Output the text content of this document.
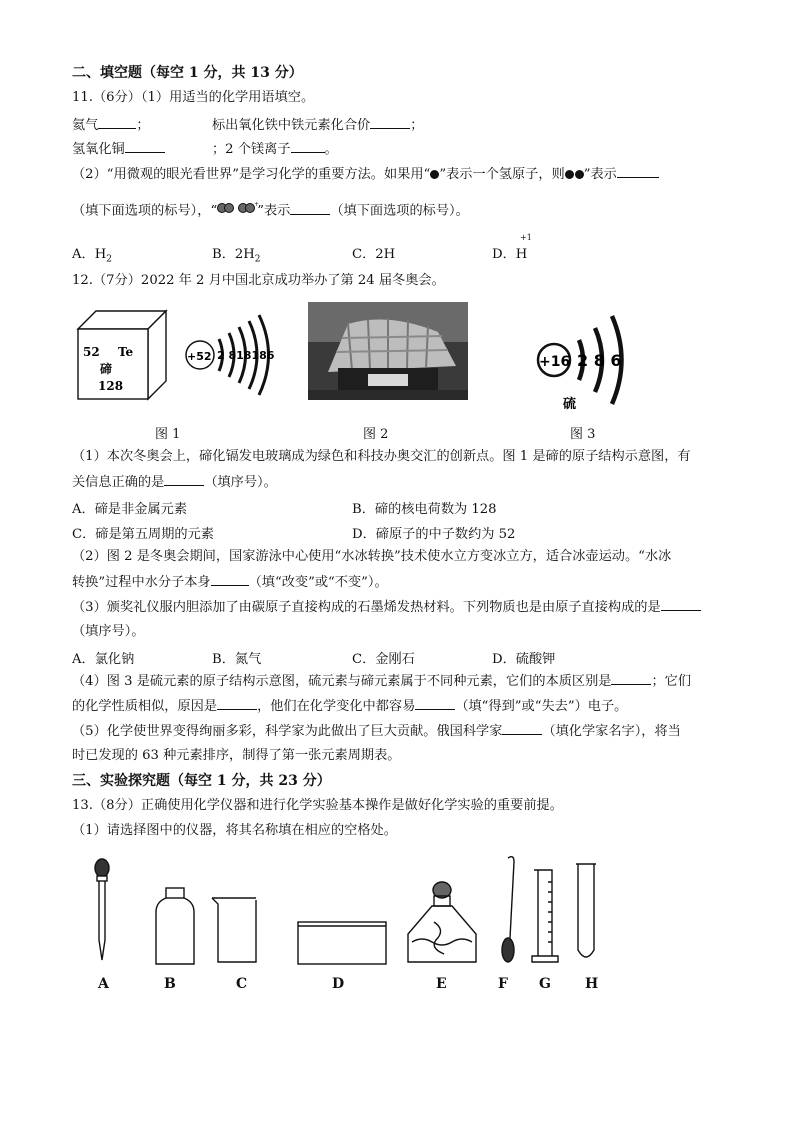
二、填空题（每空 1 分，共 13 分）
11.（6分）（1）用适当的化学用语填空。
氦气	；	标出氧化铁中铁元素化合价	；
氢氧化铜	；2 个镁离子	。
（2）“用微观的眼光看世界”是学习化学的重要方法。如果用“ ”表示一个氢原子，则 ”表示
（填下面选项的标号），“	+
”表示	（填下面选项的标号）。
A．$H_2$	B．$2H_2$	C．2H	D．H
+1
12.（7分）2022 年 2 月中国北京成功举办了第 24 届冬奥会。
52 Te
碲
128
+52 2 818186	+16 2 8 6
硫
图 1	图 2	图 3
（1）本次冬奥会上，碲化镉发电玻璃成为绿色和科技办奥交汇的创新点。图 1 是碲的原子结构示意图，有
关信息正确的是	（填序号）。
A．碲是非金属元素	B．碲的核电荷数为 128
C．碲是第五周期的元素	D．碲原子的中子数约为 52
（2）图 2 是冬奥会期间，国家游泳中心使用“水冰转换”技术使水立方变冰立方，适合冰壶运动。“水冰
转换”过程中水分子本身	（填“改变”或“不变”）。
（3）颁奖礼仪服内胆添加了由碳原子直接构成的石墨烯发热材料。下列物质也是由原子直接构成的是
（填序号）。
A．氯化钠	B．氮气	C．金刚石	D．硫酸钾
（4）图 3 是硫元素的原子结构示意图，硫元素与碲元素属于不同种元素，它们的本质区别是	；它们
的化学性质相似，原因是	，他们在化学变化中都容易	（填“得到”或“失去”）电子。
（5）化学使世界变得绚丽多彩，科学家为此做出了巨大贡献。俄国科学家	（填化学家名字），将当
时已发现的 63 种元素排序，制得了第一张元素周期表。
三、实验探究题（每空 1 分，共 23 分）
13.（8分）正确使用化学仪器和进行化学实验基本操作是做好化学实验的重要前提。
（1）请选择图中的仪器，将其名称填在相应的空格处。
A	B	C	D	E	F G H
